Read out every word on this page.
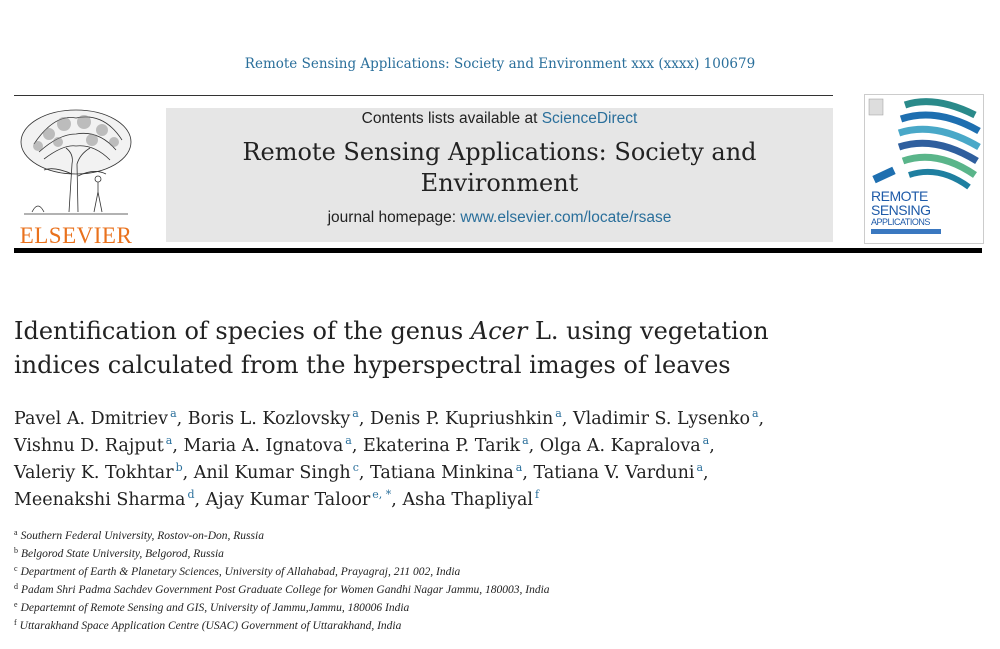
Remote Sensing Applications: Society and Environment xxx (xxxx) 100679
ELSEVIER
Contents lists available at ScienceDirect
Remote Sensing Applications: Society and
Environment
journal homepage: www.elsevier.com/locate/rsase
REMOTE
SENSING
APPLICATIONS
Identification of species of the genus Acer L. using vegetation
indices calculated from the hyperspectral images of leaves
Pavel A. Dmitriev $^a$, Boris L. Kozlovsky $^a$, Denis P. Kupriushkin $^a$, Vladimir S. Lysenko $^a$,
Vishnu D. Rajput $^a$, Maria A. Ignatova $^a$, Ekaterina P. Tarik $^a$, Olga A. Kapralova $^a$,
Valeriy K. Tokhtar $^b$, Anil Kumar Singh $^c$, Tatiana Minkina $^a$, Tatiana V. Varduni $^a$,
Meenakshi Sharma $^d$, Ajay Kumar Taloor $^{e, *}$, Asha Thapliyal $^f$
$^a$ Southern Federal University, Rostov-on-Don, Russia
$^b$ Belgorod State University, Belgorod, Russia
$^c$ Department of Earth & Planetary Sciences, University of Allahabad, Prayagraj, 211 002, India
$^d$ Padam Shri Padma Sachdev Government Post Graduate College for Women Gandhi Nagar Jammu, 180003, India
$^e$ Departemnt of Remote Sensing and GIS, University of Jammu,Jammu, 180006 India
$^f$ Uttarakhand Space Application Centre (USAC) Government of Uttarakhand, India
